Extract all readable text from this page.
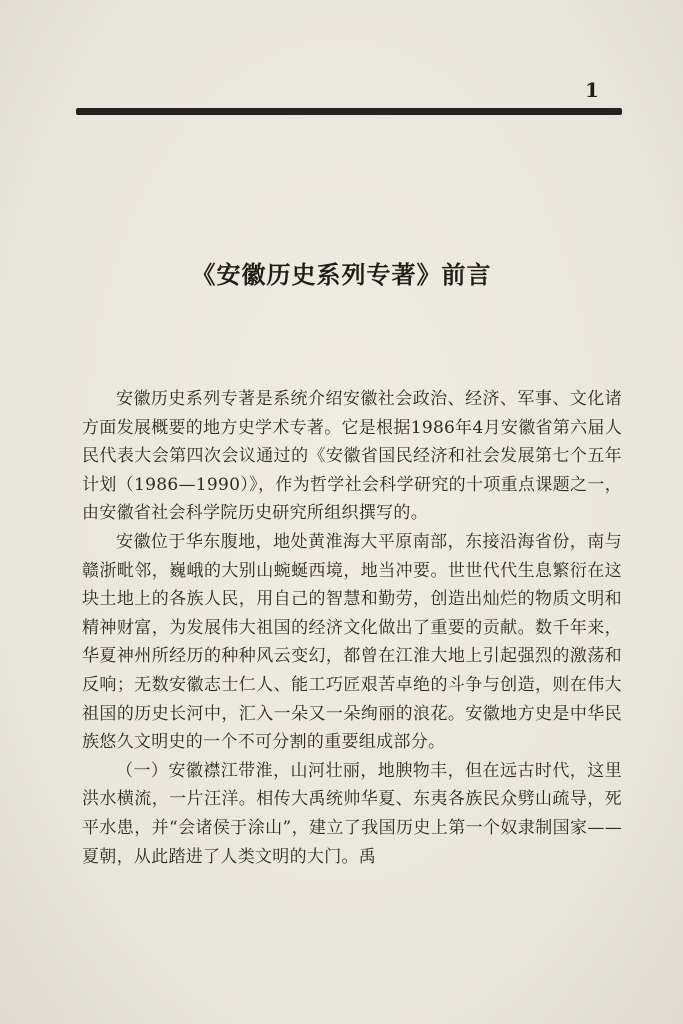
1
《安徽历史系列专著》前言

安徽历史系列专著是系统介绍安徽社会政治、经济、军事、文化诸方面发展概要的地方史学术专著。它是根据1986年4月安徽省第六届人民代表大会第四次会议通过的《安徽省国民经济和社会发展第七个五年计划（1986—1990）》，作为哲学社会科学研究的十项重点课题之一，由安徽省社会科学院历史研究所组织撰写的。

安徽位于华东腹地，地处黄淮海大平原南部，东接沿海省份，南与赣浙毗邻，巍峨的大别山蜿蜒西境，地当冲要。世世代代生息繁衍在这块土地上的各族人民，用自己的智慧和勤劳，创造出灿烂的物质文明和精神财富，为发展伟大祖国的经济文化做出了重要的贡献。数千年来，华夏神州所经历的种种风云变幻，都曾在江淮大地上引起强烈的激荡和反响；无数安徽志士仁人、能工巧匠艰苦卓绝的斗争与创造，则在伟大祖国的历史长河中，汇入一朵又一朵绚丽的浪花。安徽地方史是中华民族悠久文明史的一个不可分割的重要组成部分。

（一）安徽襟江带淮，山河壮丽，地腴物丰，但在远古时代，这里洪水横流，一片汪洋。相传大禹统帅华夏、东夷各族民众劈山疏导，死平水患，并“会诸侯于涂山”，建立了我国历史上第一个奴隶制国家——夏朝，从此踏进了人类文明的大门。禹
